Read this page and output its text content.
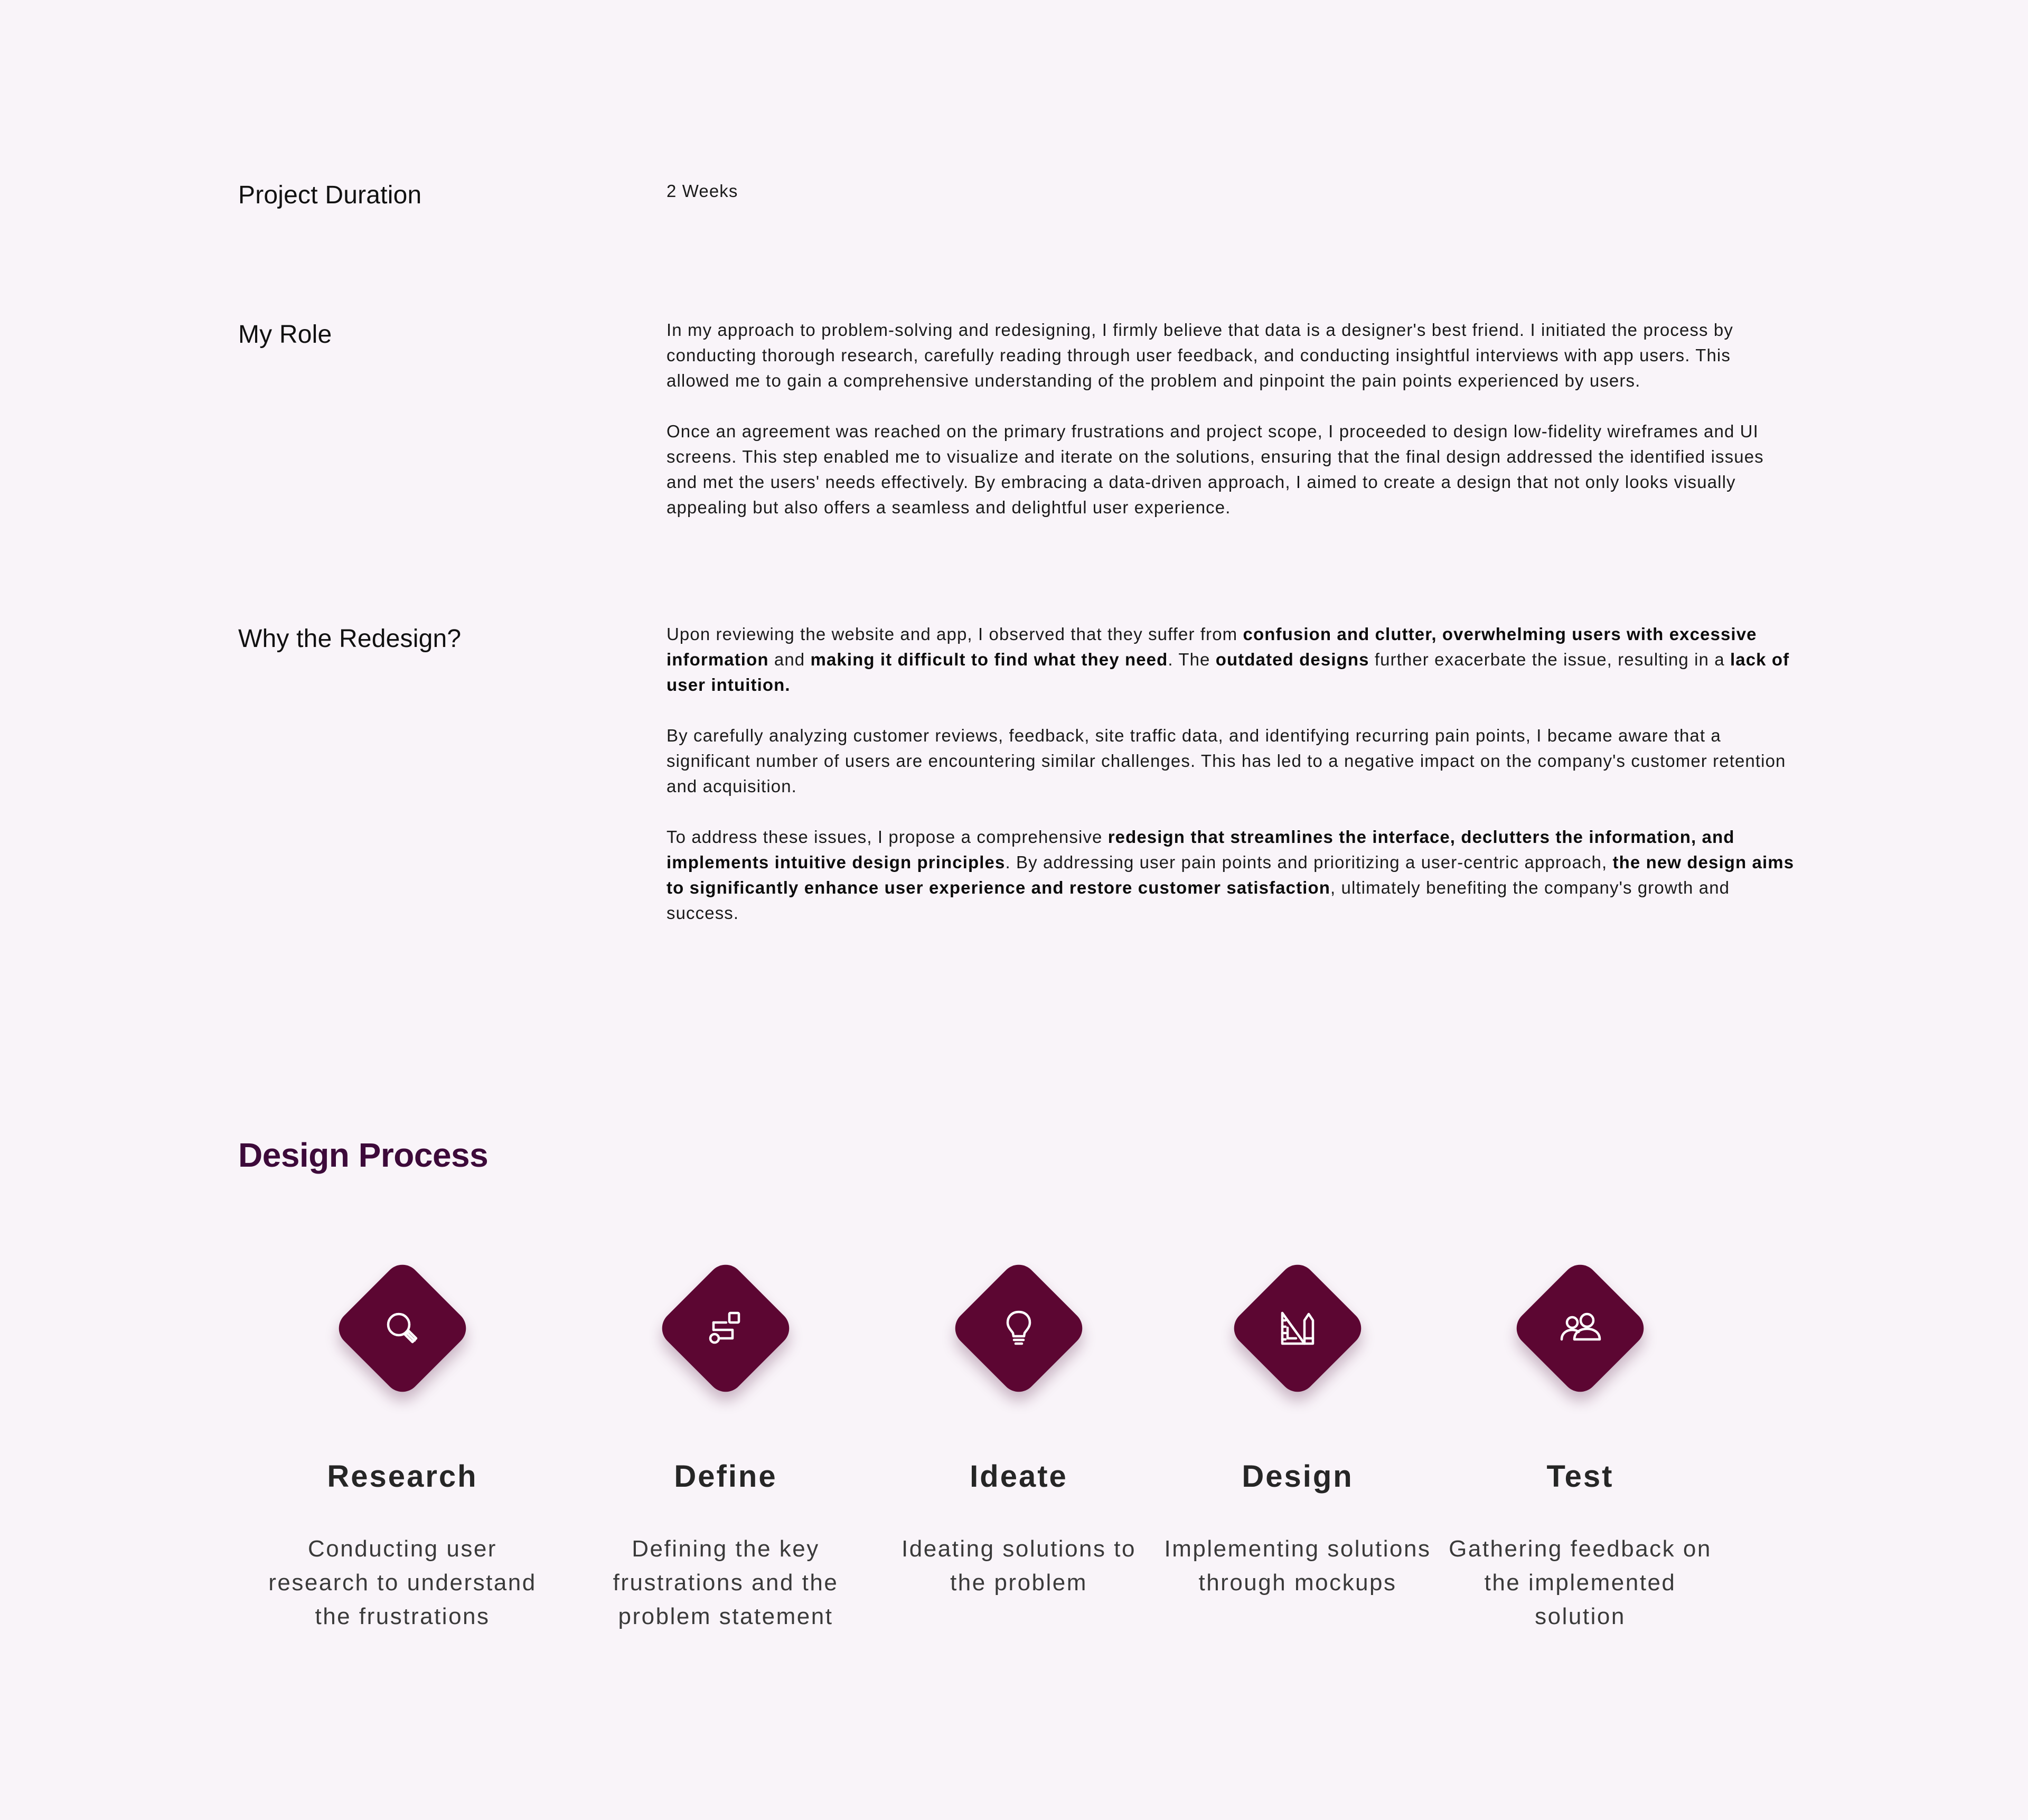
Project Duration	2 Weeks
My Role	In my approach to problem-solving and redesigning, I firmly believe that data is a designer's best friend. I initiated the process by conducting thorough research, carefully reading through user feedback, and conducting insightful interviews with app users. This allowed me to gain a comprehensive understanding of the problem and pinpoint the pain points experienced by users.

Once an agreement was reached on the primary frustrations and project scope, I proceeded to design low-fidelity wireframes and UI screens. This step enabled me to visualize and iterate on the solutions, ensuring that the final design addressed the identified issues and met the users' needs effectively. By embracing a data-driven approach, I aimed to create a design that not only looks visually appealing but also offers a seamless and delightful user experience.

Why the Redesign?	Upon reviewing the website and app, I observed that they suffer from confusion and clutter, overwhelming users with excessive information and making it difficult to find what they need. The outdated designs further exacerbate the issue, resulting in a lack of user intuition.

By carefully analyzing customer reviews, feedback, site traffic data, and identifying recurring pain points, I became aware that a significant number of users are encountering similar challenges. This has led to a negative impact on the company's customer retention and acquisition.

To address these issues, I propose a comprehensive redesign that streamlines the interface, declutters the information, and implements intuitive design principles. By addressing user pain points and prioritizing a user-centric approach, the new design aims to significantly enhance user experience and restore customer satisfaction, ultimately benefiting the company's growth and success.

Design Process
Research
Conducting user research to understand the frustrations
Define
Defining the key frustrations and the problem statement
Ideate
Ideating solutions to the problem
Design
Implementing solutions through mockups
Test
Gathering feedback on the implemented solution
